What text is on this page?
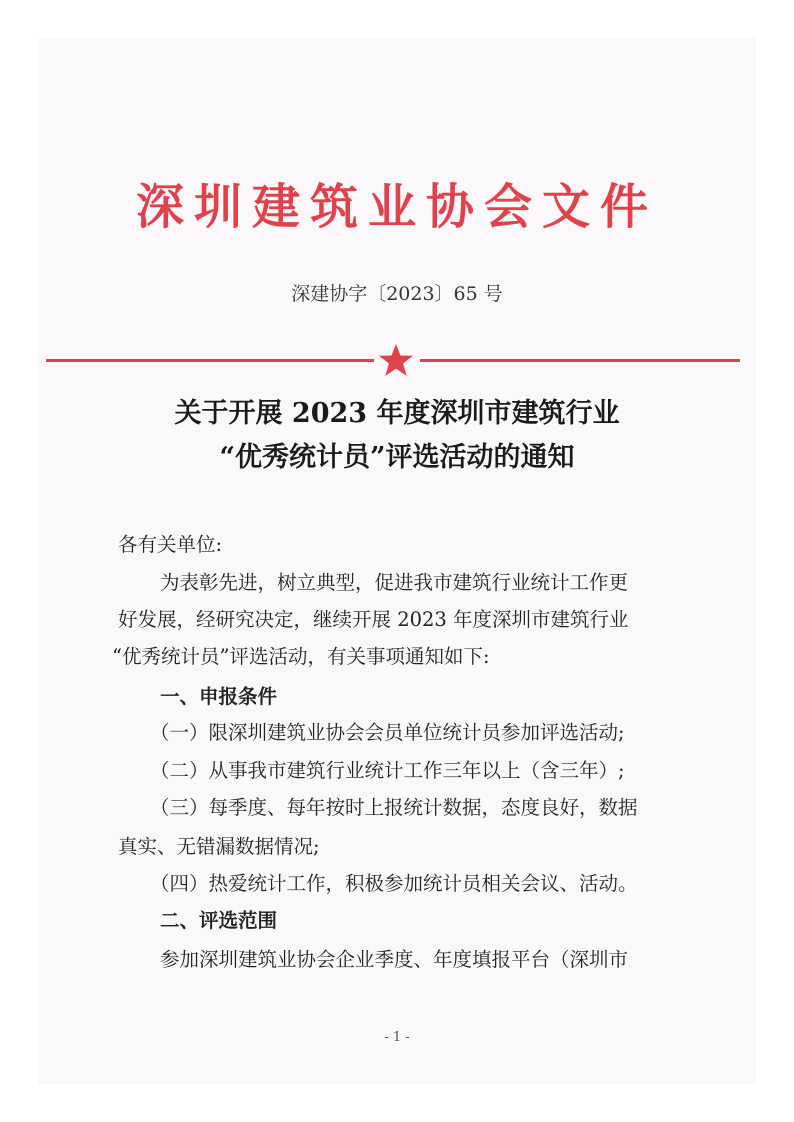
深圳建筑业协会文件
深建协字〔2023〕65 号
关于开展 2023 年度深圳市建筑行业
“优秀统计员”评选活动的通知
各有关单位:
为表彰先进，树立典型，促进我市建筑行业统计工作更
好发展，经研究决定，继续开展 2023 年度深圳市建筑行业
“优秀统计员”评选活动，有关事项通知如下:
一、申报条件
（一）限深圳建筑业协会会员单位统计员参加评选活动;
（二）从事我市建筑行业统计工作三年以上（含三年）;
（三）每季度、每年按时上报统计数据，态度良好，数据
真实、无错漏数据情况;
（四）热爱统计工作，积极参加统计员相关会议、活动。
二、评选范围
参加深圳建筑业协会企业季度、年度填报平台（深圳市
- 1 -
